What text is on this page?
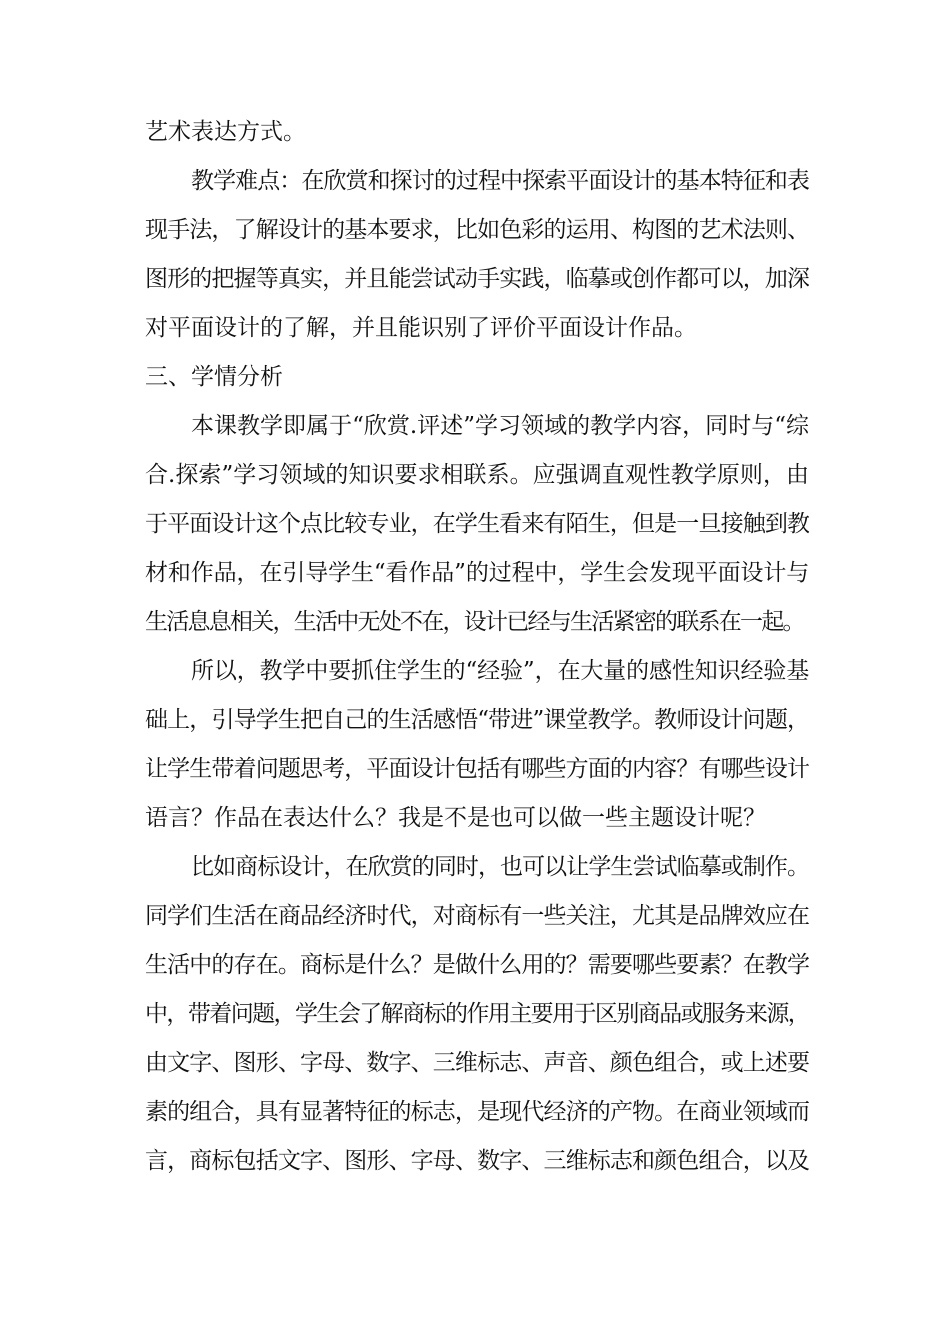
艺术表达方式。
教学难点：在欣赏和探讨的过程中探索平面设计的基本特征和表
现手法，了解设计的基本要求，比如色彩的运用、构图的艺术法则、
图形的把握等真实，并且能尝试动手实践，临摹或创作都可以，加深
对平面设计的了解，并且能识别了评价平面设计作品。
三、学情分析
本课教学即属于“欣赏.评述”学习领域的教学内容，同时与“综
合.探索”学习领域的知识要求相联系。应强调直观性教学原则，由
于平面设计这个点比较专业，在学生看来有陌生，但是一旦接触到教
材和作品，在引导学生“看作品”的过程中，学生会发现平面设计与
生活息息相关，生活中无处不在，设计已经与生活紧密的联系在一起。
所以，教学中要抓住学生的“经验”，在大量的感性知识经验基
础上，引导学生把自己的生活感悟“带进”课堂教学。教师设计问题，
让学生带着问题思考，平面设计包括有哪些方面的内容？有哪些设计
语言？作品在表达什么？我是不是也可以做一些主题设计呢？
比如商标设计，在欣赏的同时，也可以让学生尝试临摹或制作。
同学们生活在商品经济时代，对商标有一些关注，尤其是品牌效应在
生活中的存在。商标是什么？是做什么用的？需要哪些要素？在教学
中，带着问题，学生会了解商标的作用主要用于区别商品或服务来源，
由文字、图形、字母、数字、三维标志、声音、颜色组合，或上述要
素的组合，具有显著特征的标志，是现代经济的产物。在商业领域而
言，商标包括文字、图形、字母、数字、三维标志和颜色组合，以及
